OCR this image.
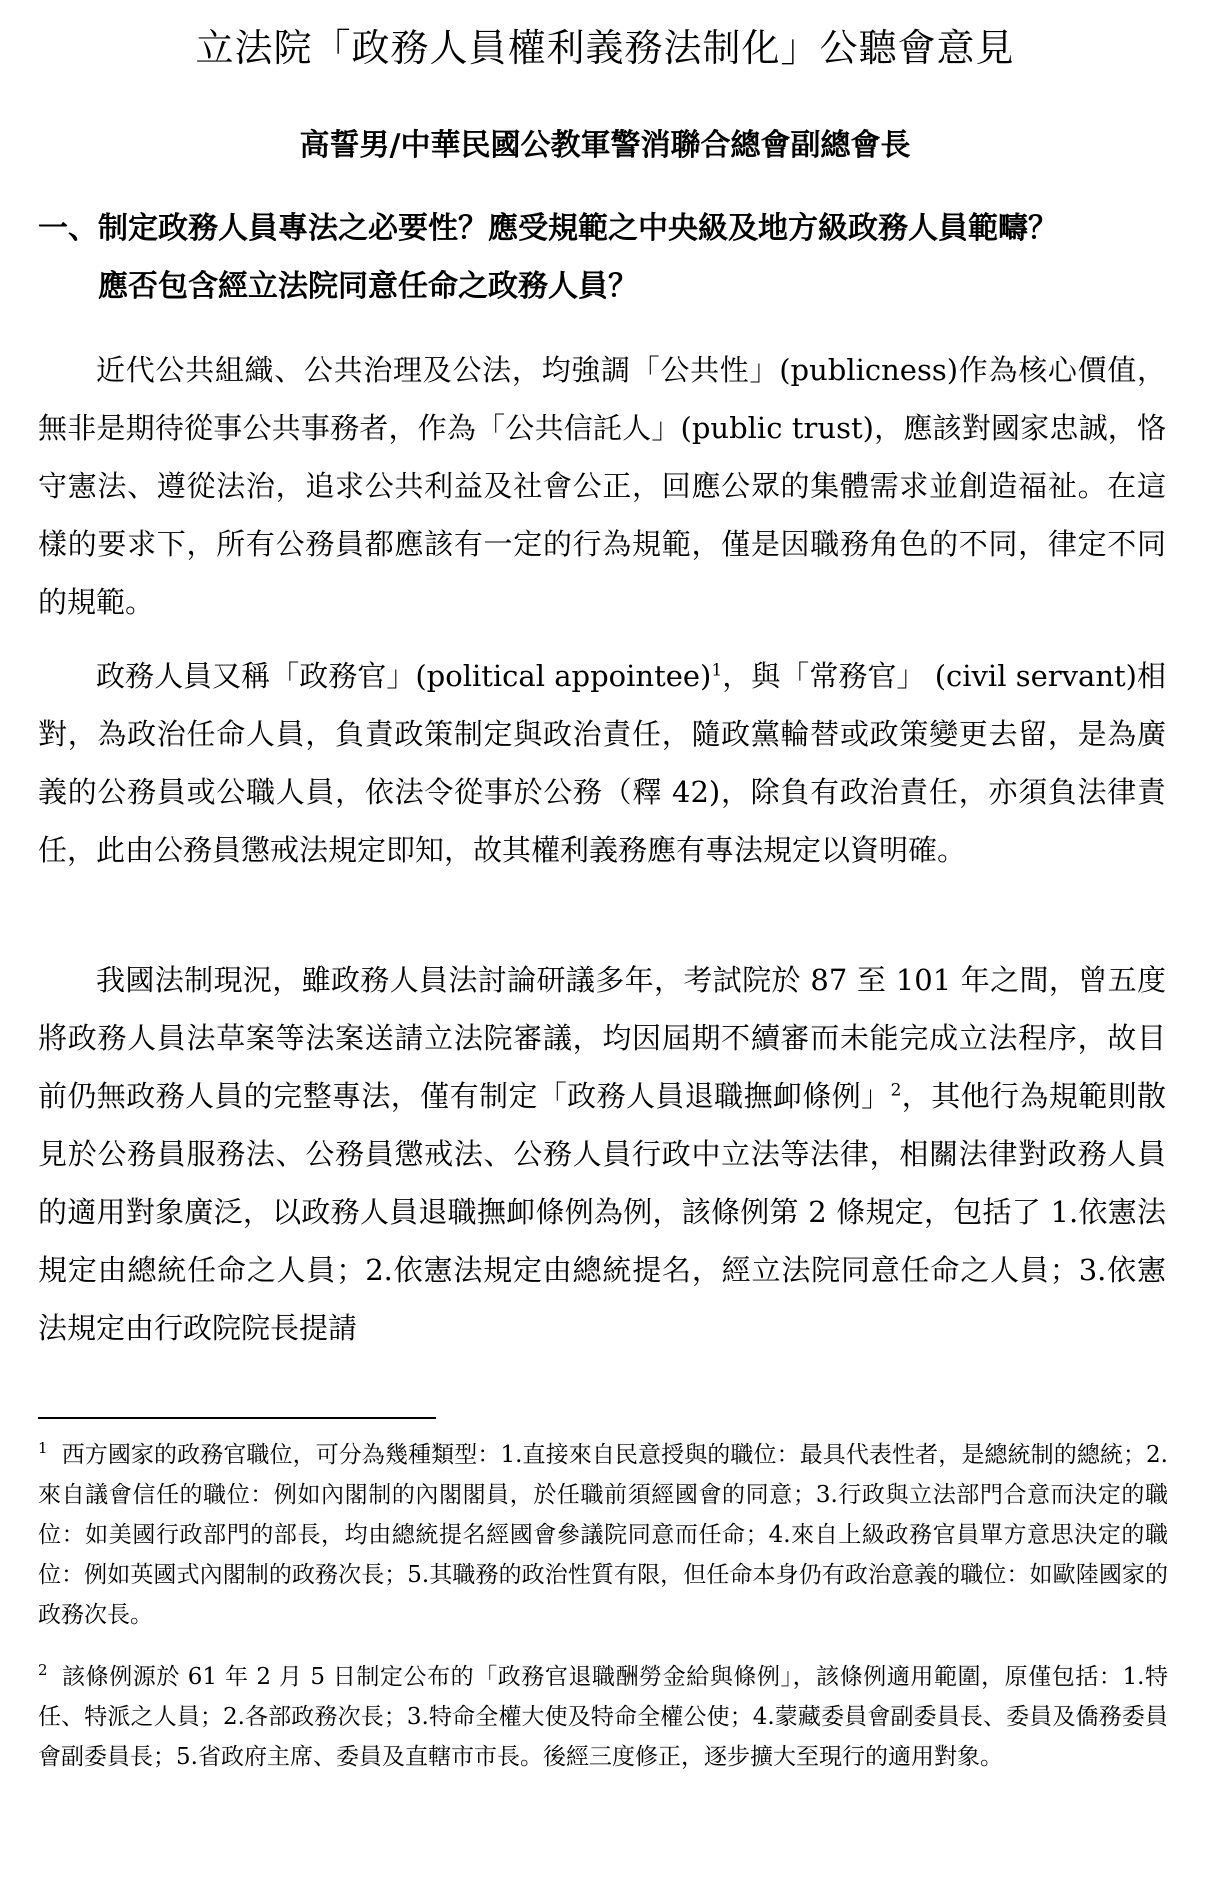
立法院「政務人員權利義務法制化」公聽會意見
高誓男/中華民國公教軍警消聯合總會副總會長
一、制定政務人員專法之必要性？應受規範之中央級及地方級政務人員範疇？
應否包含經立法院同意任命之政務人員？
近代公共組織、公共治理及公法，均強調「公共性」(publicness)作為核心價值，無非是期待從事公共事務者，作為「公共信託人」(public trust)，應該對國家忠誠，恪守憲法、遵從法治，追求公共利益及社會公正，回應公眾的集體需求並創造福祉。在這樣的要求下，所有公務員都應該有一定的行為規範，僅是因職務角色的不同，律定不同的規範。
政務人員又稱「政務官」(political appointee)$^1$，與「常務官」 (civil servant)相對，為政治任命人員，負責政策制定與政治責任，隨政黨輪替或政策變更去留，是為廣義的公務員或公職人員，依法令從事於公務（釋 42)，除負有政治責任，亦須負法律責任，此由公務員懲戒法規定即知，故其權利義務應有專法規定以資明確。
我國法制現況，雖政務人員法討論研議多年，考試院於 87 至 101 年之間，曾五度將政務人員法草案等法案送請立法院審議，均因屆期不續審而未能完成立法程序，故目前仍無政務人員的完整專法，僅有制定「政務人員退職撫卹條例」$^2$，其他行為規範則散見於公務員服務法、公務員懲戒法、公務人員行政中立法等法律，相關法律對政務人員的適用對象廣泛，以政務人員退職撫卹條例為例，該條例第 2 條規定，包括了 1.依憲法規定由總統任命之人員；2.依憲法規定由總統提名，經立法院同意任命之人員；3.依憲法規定由行政院院長提請
$^1$ 西方國家的政務官職位，可分為幾種類型：1.直接來自民意授與的職位：最具代表性者，是總統制的總統；2.來自議會信任的職位：例如內閣制的內閣閣員，於任職前須經國會的同意；3.行政與立法部門合意而決定的職位：如美國行政部門的部長，均由總統提名經國會參議院同意而任命；4.來自上級政務官員單方意思決定的職位：例如英國式內閣制的政務次長；5.其職務的政治性質有限，但任命本身仍有政治意義的職位：如歐陸國家的政務次長。
$^2$ 該條例源於 61 年 2 月 5 日制定公布的「政務官退職酬勞金給與條例」，該條例適用範圍，原僅包括：1.特任、特派之人員；2.各部政務次長；3.特命全權大使及特命全權公使；4.蒙藏委員會副委員長、委員及僑務委員會副委員長；5.省政府主席、委員及直轄市市長。後經三度修正，逐步擴大至現行的適用對象。
